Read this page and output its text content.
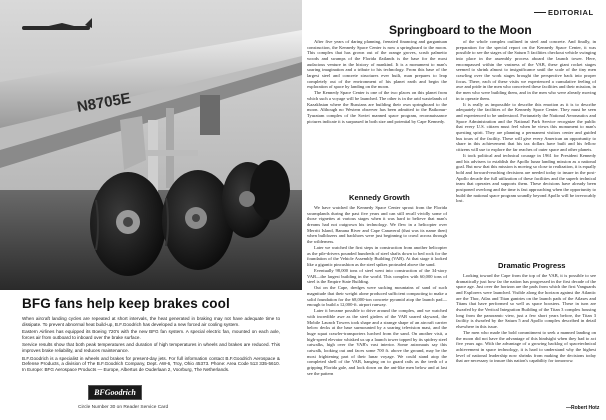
N8705E
BFG fans help keep brakes cool

When aircraft landing cycles are repeated at short intervals, the heat generated in braking may not have adequate time to dissipate. To prevent abnormal heat build-up, B.F.Goodrich has developed a new forced air cooling system.

Eastern Airlines has equipped its Boeing 720's with the new BFG fan system. A special electric fan, mounted on each axle, forces air from outboard to inboard over the brake surface.

Service results show that both peak temperatures and duration of high temperatures in wheels and brakes are reduced. This improves brake reliability, and reduces maintenance.

B.F.Goodrich is a specialist in wheels and brakes for present-day jets. For full information contact B.F.Goodrich Aerospace & Defense Products, a division of The B.F.Goodrich Company, Dept. AW-6, Troy, Ohio 45373. Phone: Area Code 513 335-5610. In Europe: BFG Aerospace Products — Europe, Albertus de Ouderlaan 2, Voorburg, The Netherlands.

BFGoodrich
Circle Number 30 on Reader Service Card
EDITORIAL
Springboard to the Moon

After five years of daring planning, frenzied financing and gargantuan construction, the Kennedy Space Center is now a springboard to the moon. This complex that has grown out of the orange groves, scrub palmetto woods and swamps of the Florida flatlands is the base for the most audacious venture in the history of mankind. It is a monument to man's soaring imagination and a tribute to his technology. From this base of the largest steel and concrete structures ever built, man prepares to leap completely out of the environment of his planet earth and begin the exploration of space by landing on the moon.

The Kennedy Space Center is one of the two places on this planet from which such a voyage will be launched. The other is in the arid wastelands of Kazakhstan where the Russians are building their own springboard to the moon. Although no Western observer has been admitted to the Baikonur-Tyuratam complex of the Soviet manned space program, reconnaissance pictures indicate it is surpassed in both size and potential by Cape Kennedy.

Kennedy Growth

We have watched the Kennedy Space Center sprout from the Florida swamplands during the past five years and can still recall vividly some of those vignettes at various stages when it was hard to believe that man's dreams had not outgrown his technology. We flew in a helicopter over Merritt Island, Banana River and Cape Canaveral (that was its name then) when bulldozers and backhoes were just beginning to crawl across through the wilderness.

Later we watched the first steps in construction from another helicopter as the pile-drivers pounded hundreds of steel shafts down to bed rock for the foundation of the Vehicle Assembly Building (VAB). At that stage it looked like a gigantic pincushion as the steel spikes protruded above the sand.

Eventually 98,000 tons of steel went into construction of the 34-story VAB—the largest building in the world. This complex with 60,000 tons of steel is the Empire State Building.

Out on the Cape, dredges were sucking mountains of sand of such magnitude that their weight alone produced sufficient compacting to make a solid foundation for the 68,000-ton concrete pyramid atop the launch pad—enough to build a 12,000-ft. airport runway.

Later it became possible to drive around the complex, and we watched with incredible awe as the steel girders of the VAB soared skyward, the Mobile Launch Towers took shape and a strange shape of an aircraft carrier below decks at the base surmounted by a soaring television mast, and the huge squat crawler-transporters lurched from the sand. On another visit, a high-speed elevator whisked us up a launch tower topped by its spidery steel catwalks, high over the VAB's vast interior. Some astronauts say this catwalk, looking out and faces some 700 ft. above the ground, may be the most frightening part of their lunar voyage. We could stand atop the completed shell of the VAB, hanging on to guard rails as the teeth of a gripping Florida gale, and look down on the ant-like men below and at last see the pattern

of the whole complex outlined in steel and concrete. And finally, in preparation for the special report on the Kennedy Space Center, it was possible to see the stages of the Saturn 5 facilities checkout vehicle swinging into place in the assembly process aboard the launch tower. Here, encompassed within the vastness of the VAB, these giant rocket stages seemed to shrink almost to insignificance until the scale of the tiny men crawling over the work stages brought the perspective back into proper focus. There, each of these visits we experienced a cumulative feeling of awe and pride in the men who conceived these facilities and their mission, in the men who were building them, and in the men who were already moving in to operate them.

It is really as impossible to describe this emotion as it is to describe adequately the facilities of the Kennedy Space Center. They must be seen and experienced to be understood. Fortunately the National Aeronautics and Space Administration and the National Park Service recognize the public that every U.S. citizen must feel when he views this monument to man's questing spirit. They are planning a permanent visitors center and guided bus tours of the facility. These will give every American an opportunity to share in this achievement that his tax dollars have built and his fellow citizens will use to explore the far reaches of outer space and other planets.

It took political and technical courage in 1961 for President Kennedy and his advisers to establish the Apollo lunar landing mission as a national goal. But now that this mission is moving so close to realization, it is equally bold and forward-reaching decisions are needed today to insure in the post-Apollo decade the full utilization of these facilities and the superb technical team that operates and supports them. These decisions have already been postponed overlong and the time is fast approaching when the opportunity to build the national space program soundly beyond Apollo will be irrevocably lost.

Dramatic Progress

Looking toward the Cape from the top of the VAB, it is possible to see dramatically just how far the nation has progressed in the first decade of the space age. Just over the horizon are the pads from which the first Vanguards and Explorers were launched. Visible along the horizon against the Atlantic are the Thor, Atlas and Titan gantries on the launch pads of the Atlases and Titans that have performed so well as space boosters. These in turn are dwarfed by the Vertical Integration Building of the Titan 3 complex housing long from the panoramic view, just a few short years before, the Titan 3 facility is dwarfed by the Saturn 5 and Apollo complex described in detail elsewhere in this issue.

The men who made the bold commitment to seek a manned landing on the moon did not have the advantage of this hindsight when they had to act five years ago. With the advantage of a growing backlog of spacetechnical achievement in space technology, it is hard to understand why the highest level of national leadership now shrinks from making the decisions today that are necessary to insure this nation's capability for tomorrow.

—Robert Hotz
